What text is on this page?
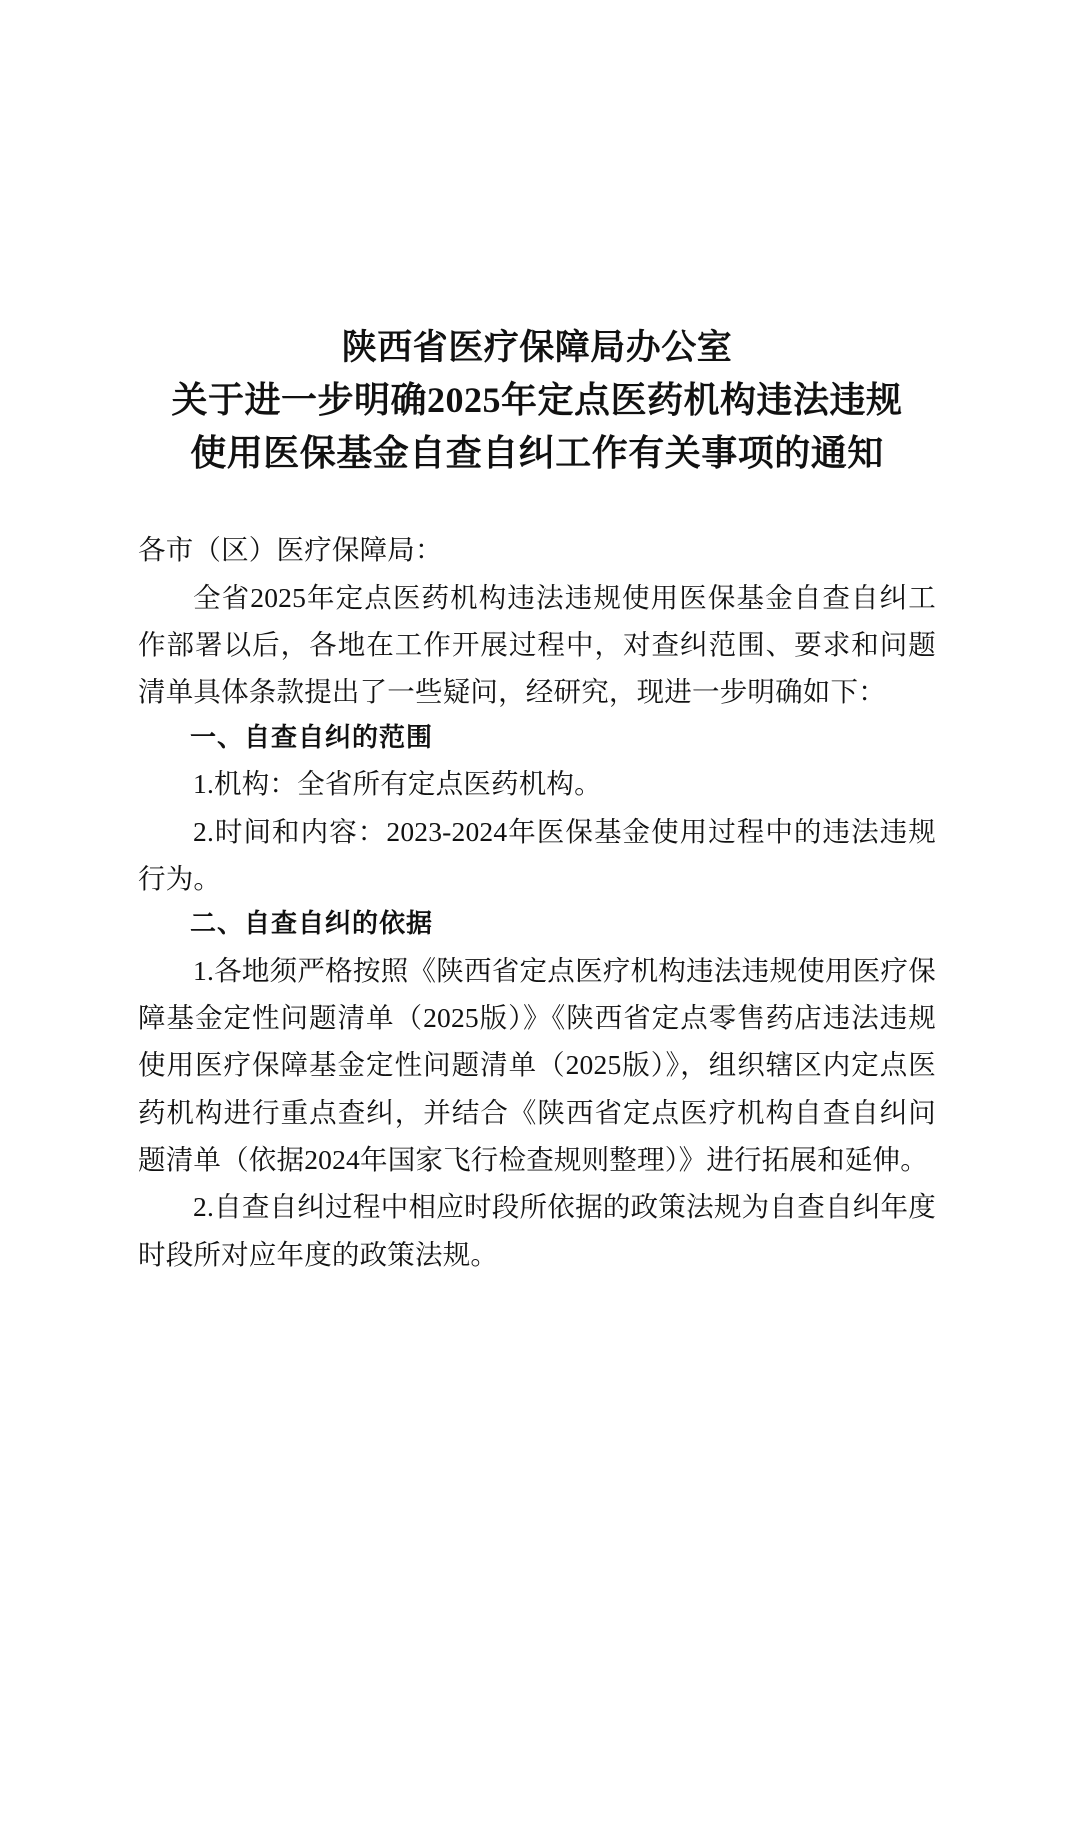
陕西省医疗保障局办公室
关于进一步明确2025年定点医药机构违法违规
使用医保基金自查自纠工作有关事项的通知

各市（区）医疗保障局：

全省2025年定点医药机构违法违规使用医保基金自查自纠工作部署以后，各地在工作开展过程中，对查纠范围、要求和问题清单具体条款提出了一些疑问，经研究，现进一步明确如下：

一、自查自纠的范围

1.机构：全省所有定点医药机构。

2.时间和内容：2023-2024年医保基金使用过程中的违法违规行为。

二、自查自纠的依据

1.各地须严格按照《陕西省定点医疗机构违法违规使用医疗保障基金定性问题清单（2025版）》《陕西省定点零售药店违法违规使用医疗保障基金定性问题清单（2025版）》，组织辖区内定点医药机构进行重点查纠，并结合《陕西省定点医疗机构自查自纠问题清单（依据2024年国家飞行检查规则整理）》进行拓展和延伸。

2.自查自纠过程中相应时段所依据的政策法规为自查自纠年度时段所对应年度的政策法规。
